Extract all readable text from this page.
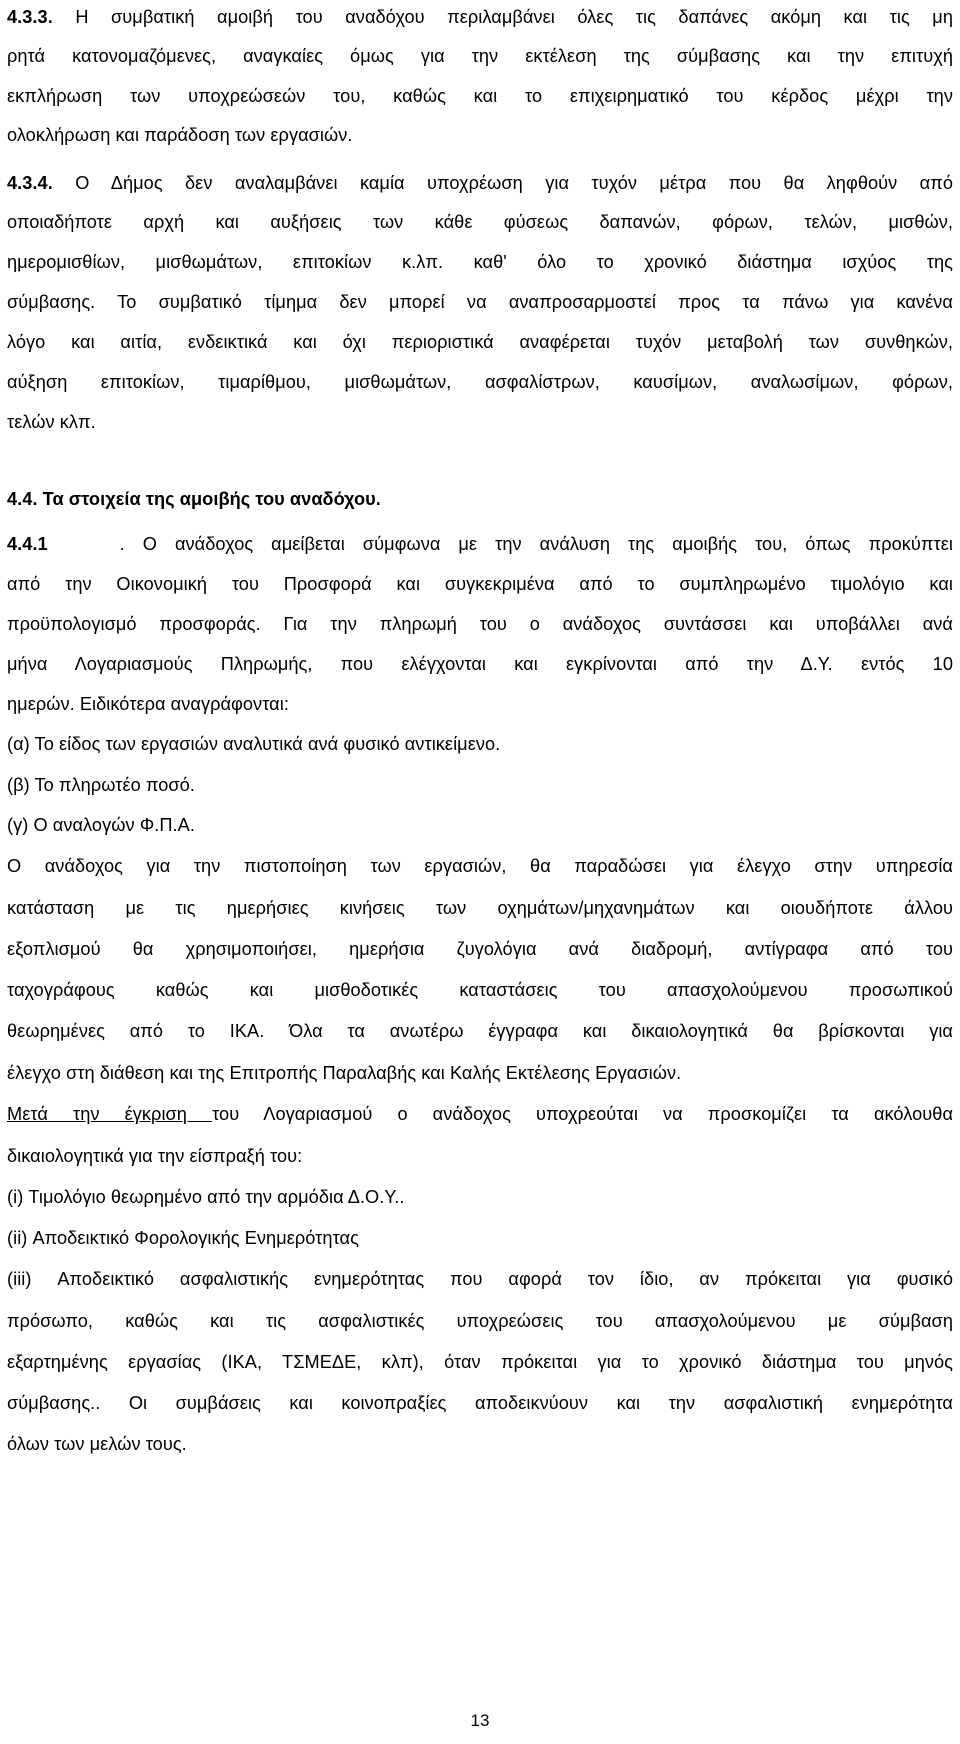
4.3.3. Η συμβατική αμοιβή του αναδόχου περιλαμβάνει όλες τις δαπάνες ακόμη και τις μη
ρητά κατονομαζόμενες, αναγκαίες όμως για την εκτέλεση της σύμβασης και την επιτυχή
εκπλήρωση των υποχρεώσεών του, καθώς και το επιχειρηματικό του κέρδος μέχρι την
ολοκλήρωση και παράδοση των εργασιών.
4.3.4. Ο Δήμος δεν αναλαμβάνει καμία υποχρέωση για τυχόν μέτρα που θα ληφθούν από
οποιαδήποτε αρχή και αυξήσεις των κάθε φύσεως δαπανών, φόρων, τελών, μισθών,
ημερομισθίων, μισθωμάτων, επιτοκίων κ.λπ. καθ' όλο το χρονικό διάστημα ισχύος της
σύμβασης. Το συμβατικό τίμημα δεν μπορεί να αναπροσαρμοστεί προς τα πάνω για κανένα
λόγο και αιτία, ενδεικτικά και όχι περιοριστικά αναφέρεται τυχόν μεταβολή των συνθηκών,
αύξηση επιτοκίων, τιμαρίθμου, μισθωμάτων, ασφαλίστρων, καυσίμων, αναλωσίμων, φόρων,
τελών κλπ.
4.4. Τα στοιχεία της αμοιβής του αναδόχου.
4.4.1    . Ο ανάδοχος αμείβεται σύμφωνα με την ανάλυση της αμοιβής του, όπως προκύπτει
από την Οικονομική του Προσφορά και συγκεκριμένα από το συμπληρωμένο τιμολόγιο και
προϋπολογισμό προσφοράς. Για την πληρωμή του ο ανάδοχος συντάσσει και υποβάλλει ανά
μήνα Λογαριασμούς Πληρωμής, που ελέγχονται και εγκρίνονται από την Δ.Υ. εντός 10
ημερών. Ειδικότερα αναγράφονται:
(α) Το είδος των εργασιών αναλυτικά ανά φυσικό αντικείμενο.
(β) Το πληρωτέο ποσό.
(γ) Ο αναλογών Φ.Π.Α.
Ο ανάδοχος για την πιστοποίηση των εργασιών, θα παραδώσει για έλεγχο στην υπηρεσία
κατάσταση με τις ημερήσιες κινήσεις των οχημάτων/μηχανημάτων και οιουδήποτε άλλου
εξοπλισμού θα χρησιμοποιήσει, ημερήσια ζυγολόγια ανά διαδρομή, αντίγραφα από του
ταχογράφους καθώς και μισθοδοτικές καταστάσεις του απασχολούμενου προσωπικού
θεωρημένες από το ΙΚΑ. Όλα τα ανωτέρω έγγραφα και δικαιολογητικά θα βρίσκονται για
έλεγχο στη διάθεση και της Επιτροπής Παραλαβής και Καλής Εκτέλεσης Εργασιών.
Μετά την έγκριση του Λογαριασμού ο ανάδοχος υποχρεούται να προσκομίζει τα ακόλουθα
δικαιολογητικά για την είσπραξή του:
(i) Τιμολόγιο θεωρημένο από την αρμόδια Δ.Ο.Υ..
(ii) Αποδεικτικό Φορολογικής Ενημερότητας
(iii) Αποδεικτικό ασφαλιστικής ενημερότητας που αφορά τον ίδιο, αν πρόκειται για φυσικό
πρόσωπο, καθώς και τις ασφαλιστικές υποχρεώσεις του απασχολούμενου με σύμβαση
εξαρτημένης εργασίας (ΙΚΑ, ΤΣΜΕΔΕ, κλπ), όταν πρόκειται για το χρονικό διάστημα του μηνός
σύμβασης.. Οι συμβάσεις και κοινοπραξίες αποδεικνύουν και την ασφαλιστική ενημερότητα
όλων των μελών τους.
13
